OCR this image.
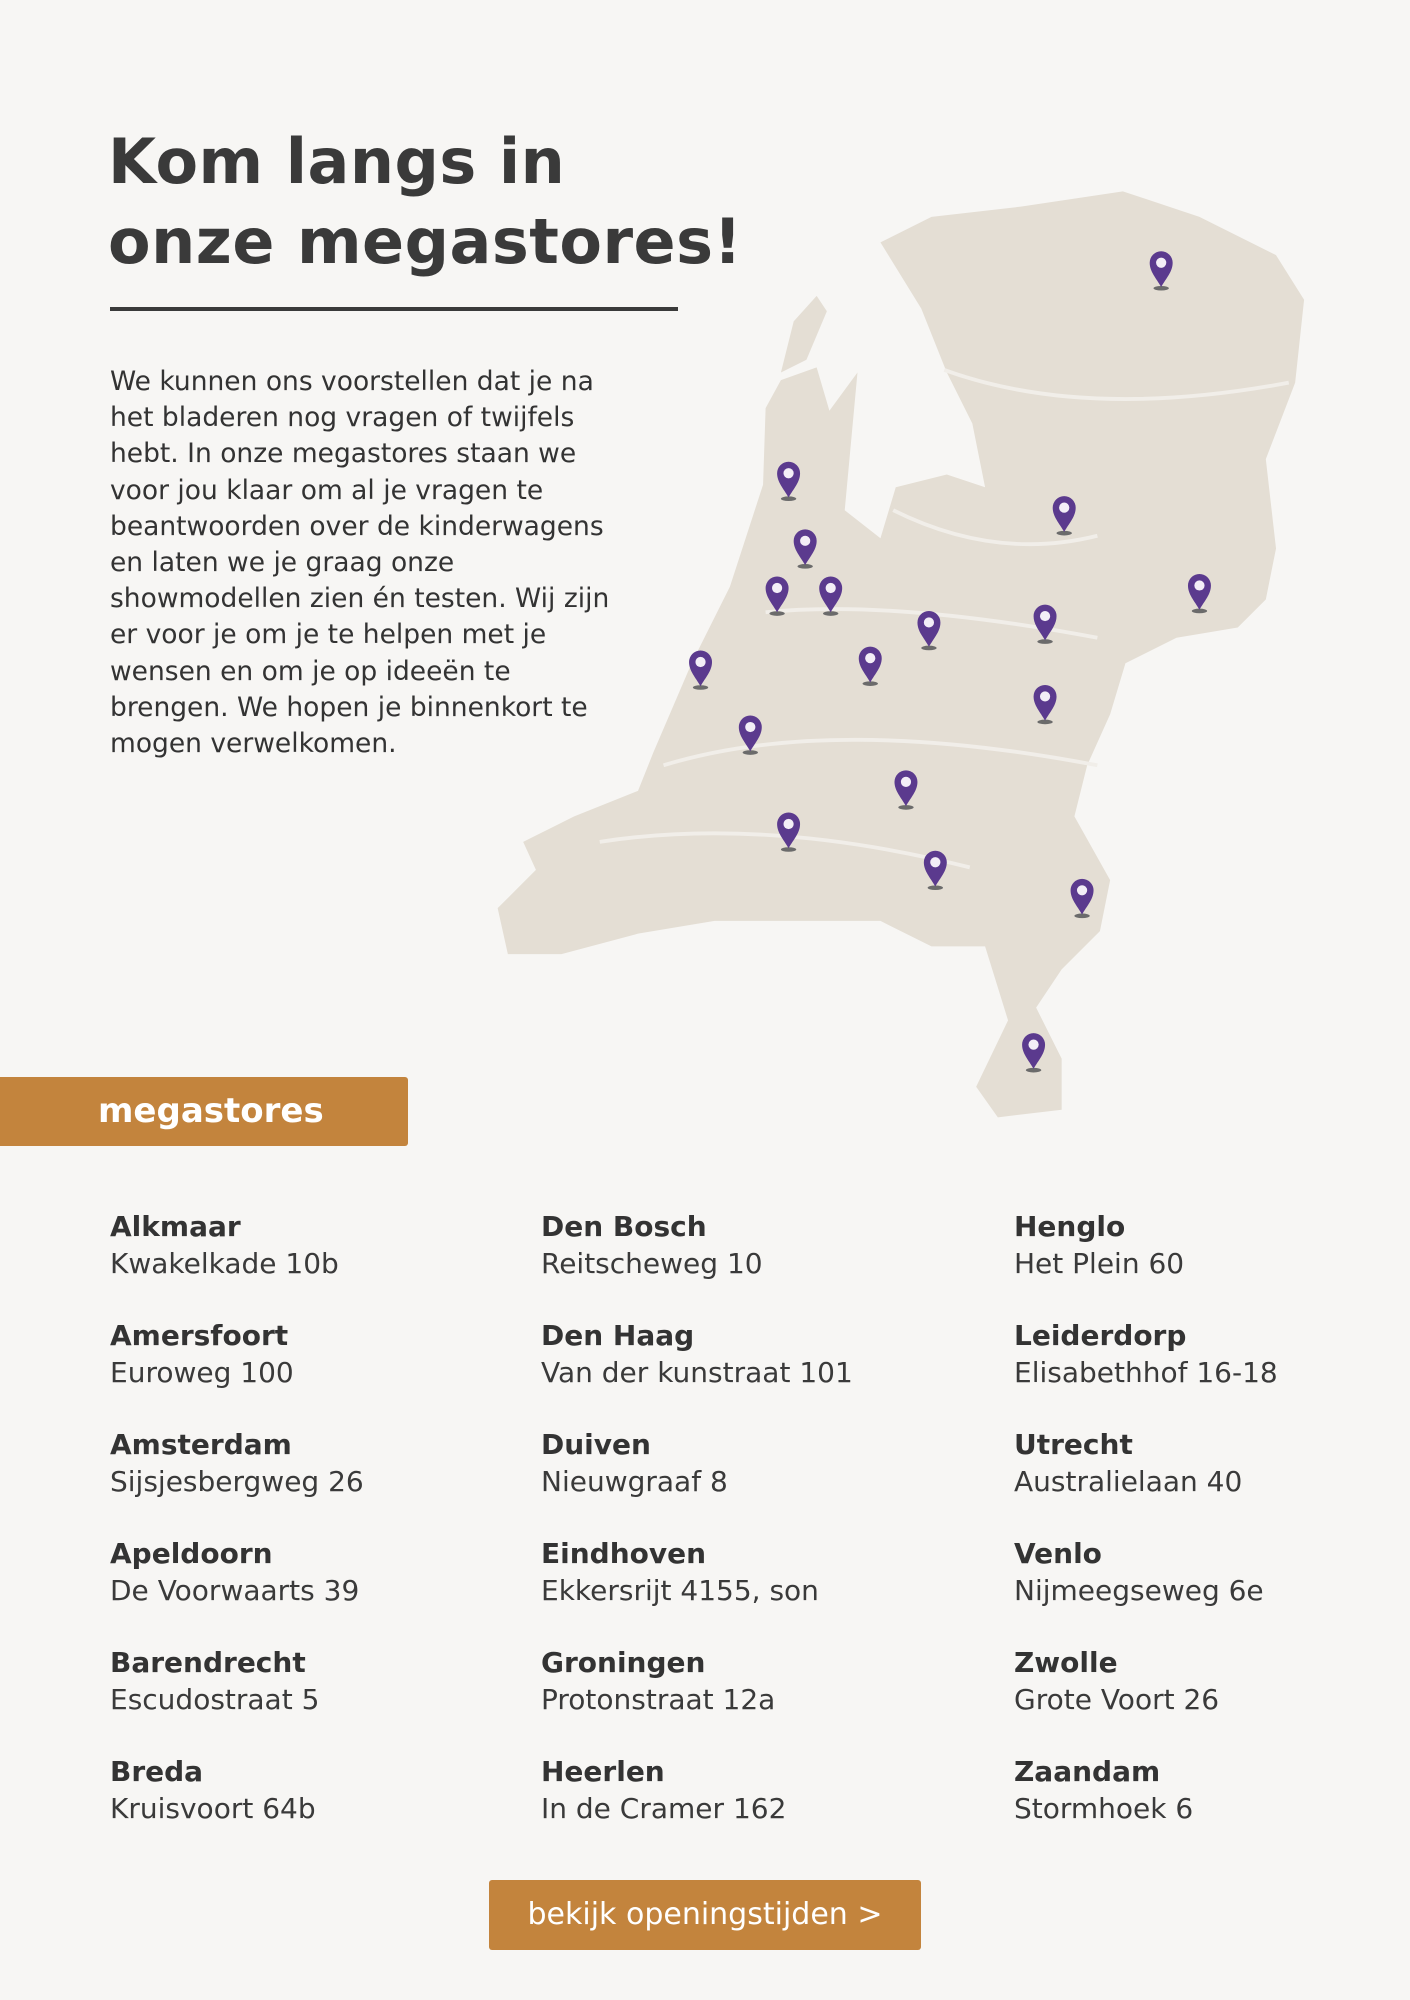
Kom langs in
onze megastores!

We kunnen ons voorstellen dat je na het bladeren nog vragen of twijfels hebt. In onze megastores staan we voor jou klaar om al je vragen te beantwoorden over de kinderwagens en laten we je graag onze showmodellen zien én testen. Wij zijn er voor je om je te helpen met je wensen en om je op ideeën te brengen. We hopen je binnenkort te mogen verwelkomen.

megastores
Alkmaar
Kwakelkade 10b
Amersfoort
Euroweg 100
Amsterdam
Sijsjesbergweg 26
Apeldoorn
De Voorwaarts 39
Barendrecht
Escudostraat 5
Breda
Kruisvoort 64b
Den Bosch
Reitscheweg 10
Den Haag
Van der kunstraat 101
Duiven
Nieuwgraaf 8
Eindhoven
Ekkersrijt 4155, son
Groningen
Protonstraat 12a
Heerlen
In de Cramer 162
Henglo
Het Plein 60
Leiderdorp
Elisabethhof 16-18
Utrecht
Australielaan 40
Venlo
Nijmeegseweg 6e
Zwolle
Grote Voort 26
Zaandam
Stormhoek 6
bekijk openingstijden >
